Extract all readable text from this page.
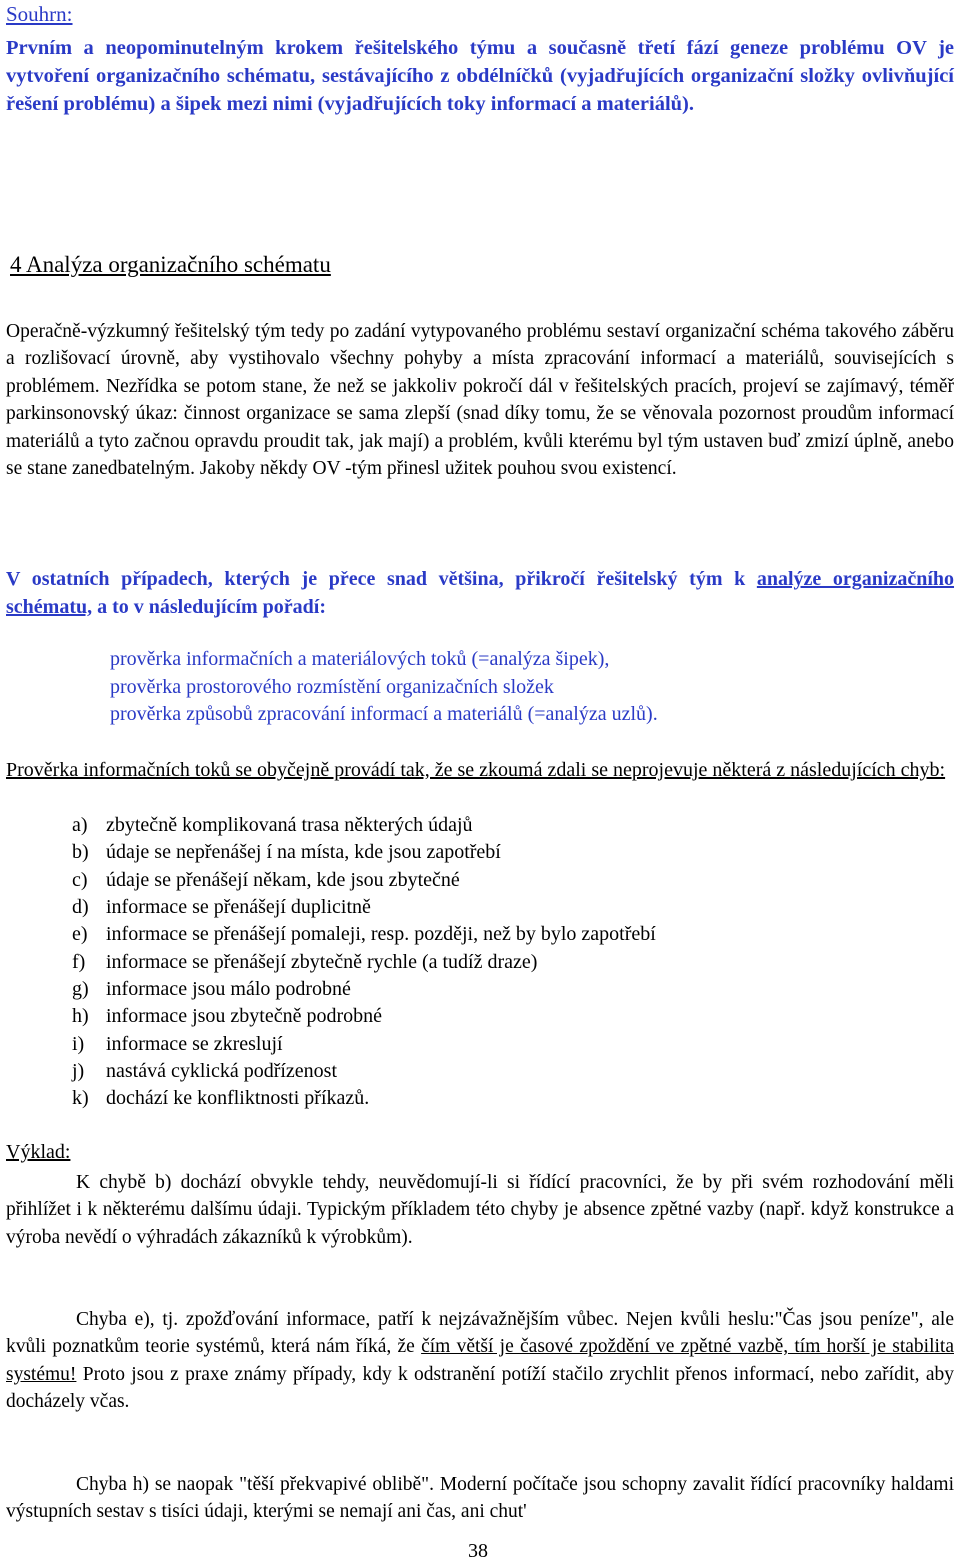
Souhrn:

Prvním a neopominutelným krokem řešitelského týmu a současně třetí fází geneze problému OV je vytvoření organizačního schématu, sestávajícího z obdélníčků (vyjadřujících organizační složky ovlivňující řešení problému) a šipek mezi nimi (vyjadřujících toky informací a materiálů).

4 Analýza organizačního schématu

Operačně-výzkumný řešitelský tým tedy po zadání vytypovaného problému sestaví organizační schéma takového záběru a rozlišovací úrovně, aby vystihovalo všechny pohyby a místa zpracování informací a materiálů, souvisejících s problémem. Nezřídka se potom stane, že než se jakkoliv pokročí dál v řešitelských pracích, projeví se zajímavý, téměř parkinsonovský úkaz: činnost organizace se sama zlepší (snad díky tomu, že se věnovala pozornost proudům informací materiálů a tyto začnou opravdu proudit tak, jak mají) a problém, kvůli kterému byl tým ustaven buď zmizí úplně, anebo se stane zanedbatelným. Jakoby někdy OV -tým přinesl užitek pouhou svou existencí.

V ostatních případech, kterých je přece snad většina, přikročí řešitelský tým k analýze organizačního schématu, a to v následujícím pořadí:

prověrka informačních a materiálových toků (=analýza šipek),
prověrka prostorového rozmístění organizačních složek
prověrka způsobů zpracování informací a materiálů (=analýza uzlů).

Prověrka informačních toků se obyčejně provádí tak, že se zkoumá zdali se neprojevuje některá z následujících chyb:

a) zbytečně komplikovaná trasa některých údajů
b) údaje se nepřenášej í na místa, kde jsou zapotřebí
c) údaje se přenášejí někam, kde jsou zbytečné
d) informace se přenášejí duplicitně
e) informace se přenášejí pomaleji, resp. později, než by bylo zapotřebí
f) informace se přenášejí zbytečně rychle (a tudíž draze)
g) informace jsou málo podrobné
h) informace jsou zbytečně podrobné
i) informace se zkreslují
j) nastává cyklická podřízenost
k) dochází ke konfliktnosti příkazů.
Výklad:

K chybě b) dochází obvykle tehdy, neuvědomují-li si řídící pracovníci, že by při svém rozhodování měli přihlížet i k některému dalšímu údaji. Typickým příkladem této chyby je absence zpětné vazby (např. když konstrukce a výroba nevědí o výhradách zákazníků k výrobkům).

Chyba e), tj. zpožďování informace, patří k nejzávažnějším vůbec. Nejen kvůli heslu:"Čas jsou peníze", ale kvůli poznatkům teorie systémů, která nám říká, že čím větší je časové zpoždění ve zpětné vazbě, tím horší je stabilita systému! Proto jsou z praxe známy případy, kdy k odstranění potíží stačilo zrychlit přenos informací, nebo zařídit, aby docházely včas.

Chyba h) se naopak "těší překvapivé oblibě". Moderní počítače jsou schopny zavalit řídící pracovníky haldami výstupních sestav s tisíci údaji, kterými se nemají ani čas, ani chut'

38
